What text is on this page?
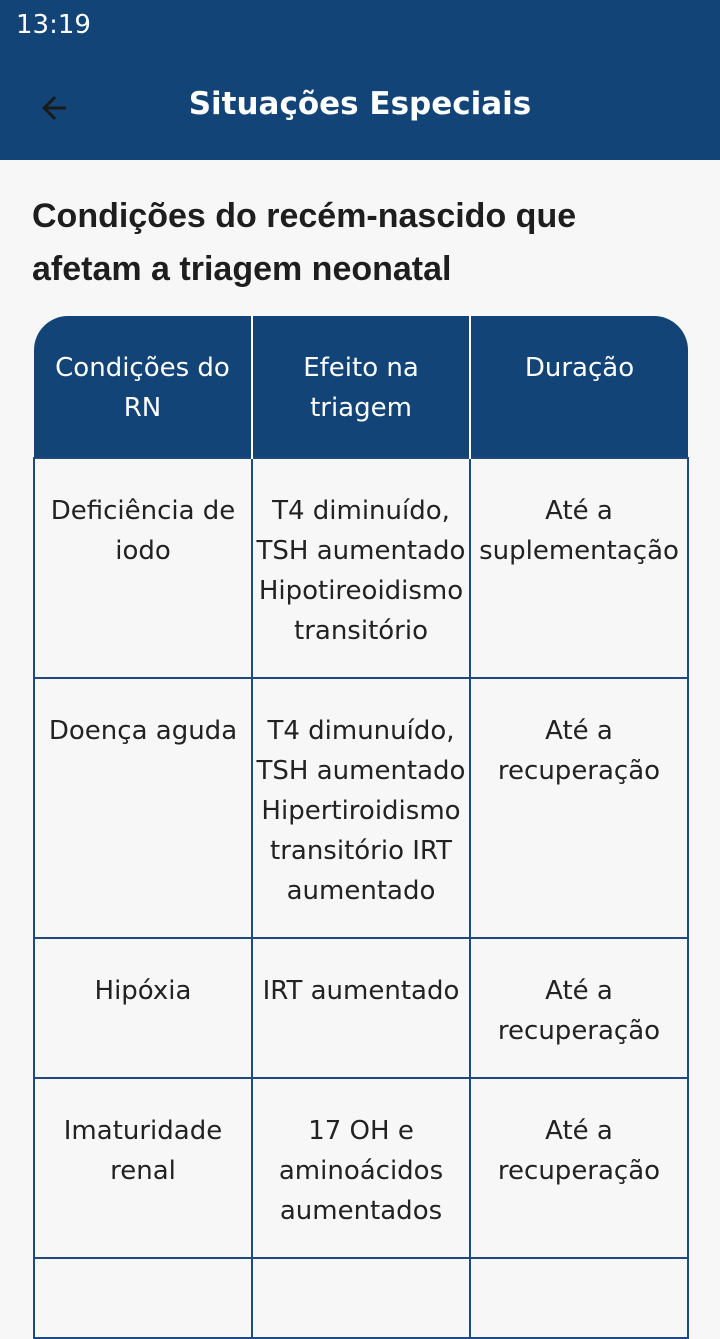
13:19
Situações Especiais
Condições do recém-nascido que afetam a triagem neonatal
Condições do RN	Efeito na triagem	Duração
Deficiência de iodo	T4 diminuído, TSH aumentado Hipotireoidismo transitório	Até a suplementação
Doença aguda	T4 dimunuído, TSH aumentado Hipertiroidismo transitório IRT aumentado	Até a recuperação
Hipóxia	IRT aumentado	Até a recuperação
Imaturidade renal	17 OH e aminoácidos aumentados	Até a recuperação
